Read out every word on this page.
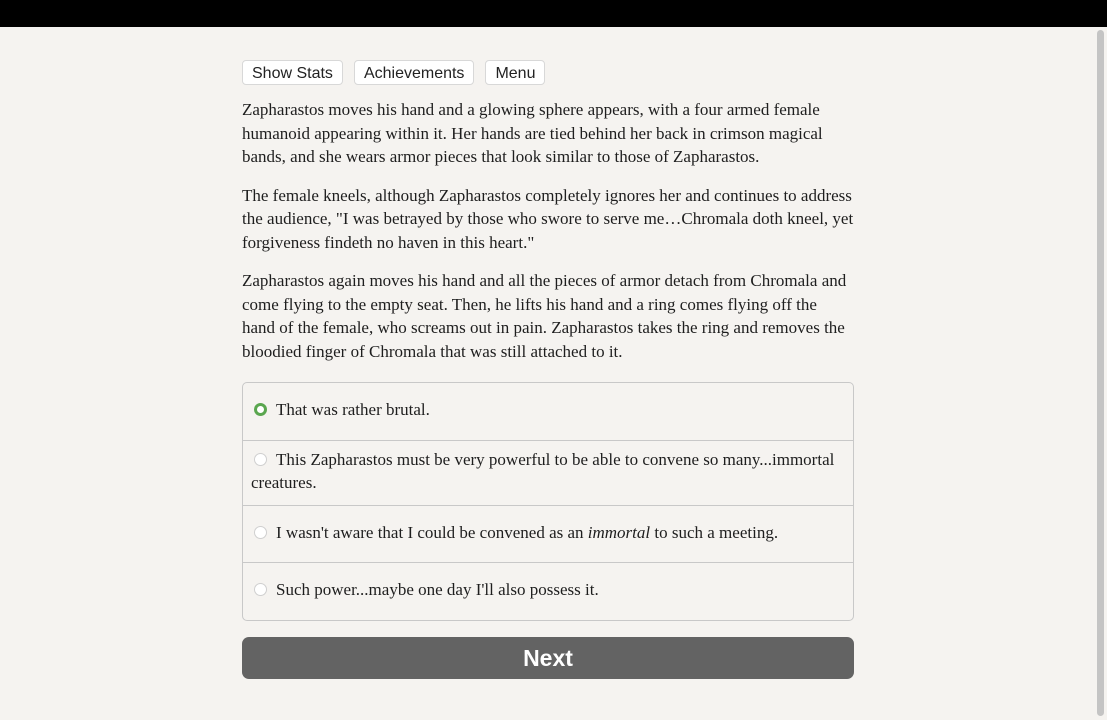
Show Stats	Achievements	Menu

Zapharastos moves his hand and a glowing sphere appears, with a four armed female humanoid appearing within it. Her hands are tied behind her back in crimson magical bands, and she wears armor pieces that look similar to those of Zapharastos.

The female kneels, although Zapharastos completely ignores her and continues to address the audience, "I was betrayed by those who swore to serve me…Chromala doth kneel, yet forgiveness findeth no haven in this heart."

Zapharastos again moves his hand and all the pieces of armor detach from Chromala and come flying to the empty seat. Then, he lifts his hand and a ring comes flying off the hand of the female, who screams out in pain. Zapharastos takes the ring and removes the bloodied finger of Chromala that was still attached to it.

That was rather brutal.
This Zapharastos must be very powerful to be able to convene so many...immortal creatures.
I wasn't aware that I could be convened as an immortal to such a meeting.
Such power...maybe one day I'll also possess it.
Next
